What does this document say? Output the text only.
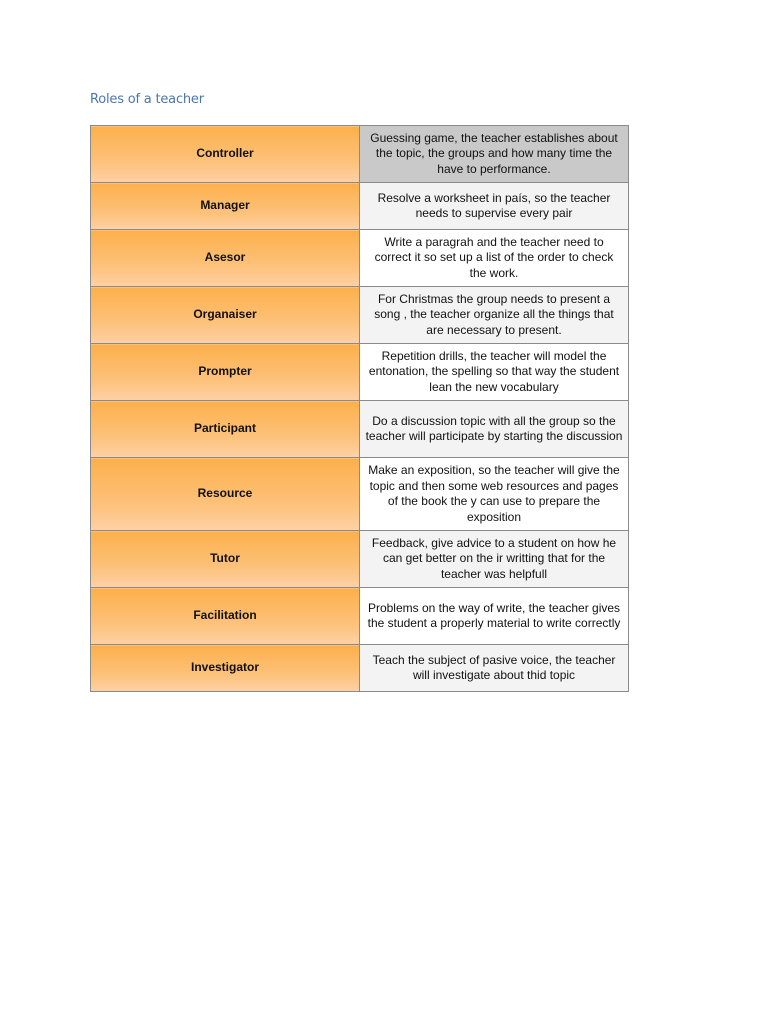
Roles of a teacher
Controller	Guessing game, the teacher establishes about the topic, the groups and how many time the have to performance.
Manager	Resolve a worksheet in país, so the teacher needs to supervise every pair
Asesor	Write a paragrah and the teacher need to correct it so set up a list of the order to check the work.
Organaiser	For Christmas the group needs to present a song , the teacher organize all the things that are necessary to present.
Prompter	Repetition drills, the teacher will model the entonation, the spelling so that way the student lean the new vocabulary
Participant	Do a discussion topic with all the group so the teacher will participate by starting the discussion
Resource	Make an exposition, so the teacher will give the topic and then some web resources and pages of the book the y can use to prepare the exposition
Tutor	Feedback, give advice to a student on how he can get better on the ir writting that for the teacher was helpfull
Facilitation	Problems on the way of write, the teacher gives the student a properly material to write correctly
Investigator	Teach the subject of pasive voice, the teacher will investigate about thid topic
